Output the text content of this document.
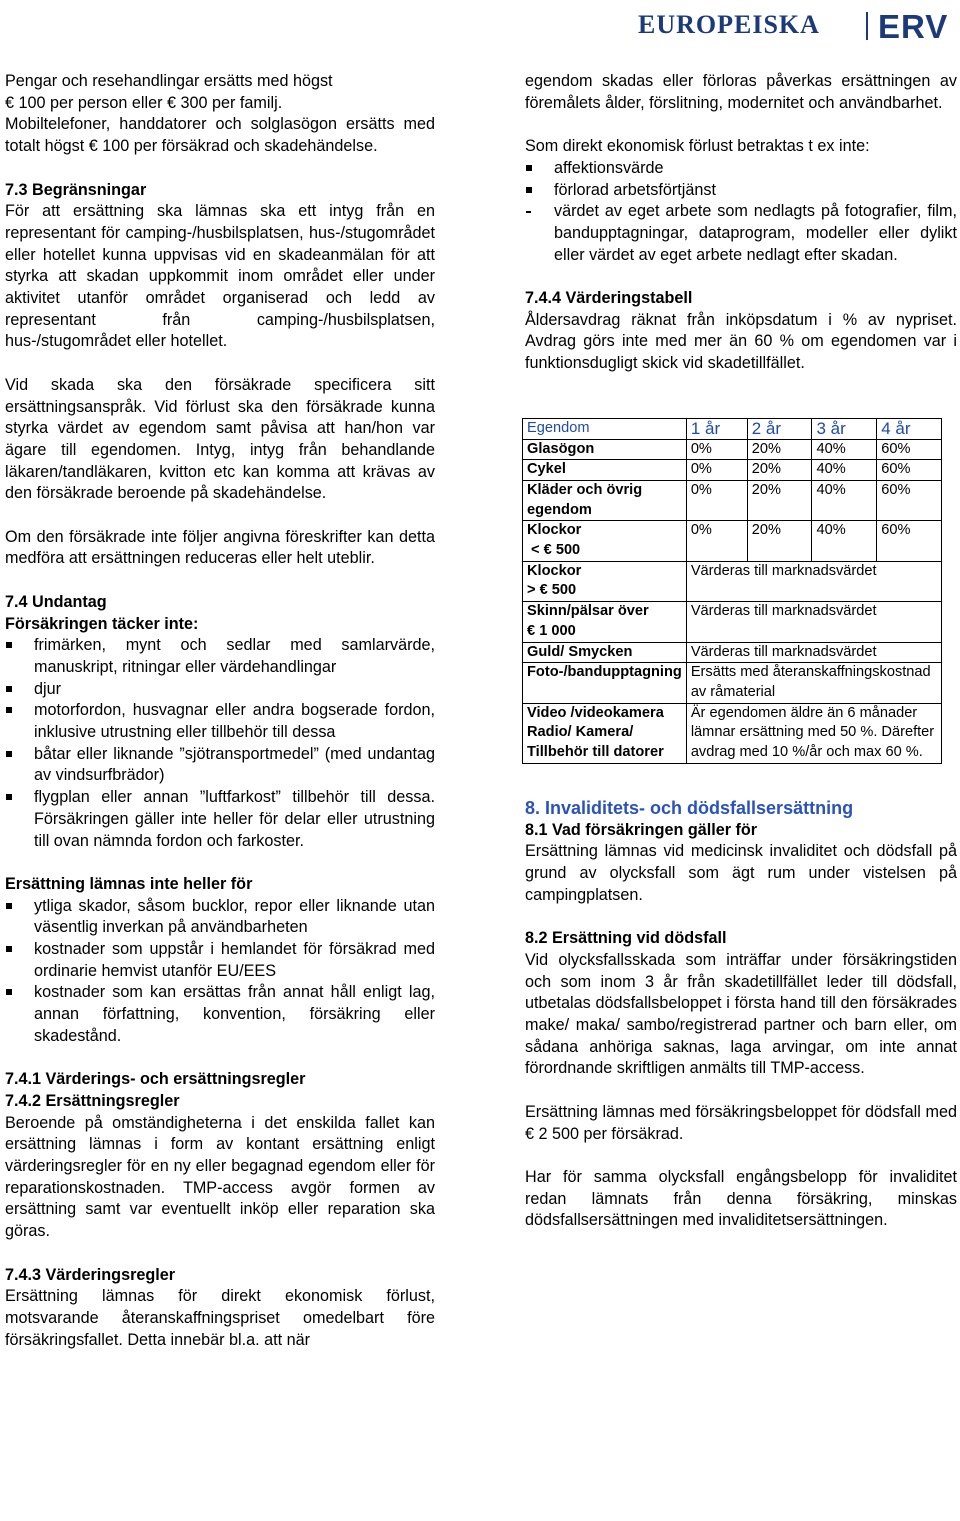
EUROPEISKA ERV

Pengar och resehandlingar ersätts med högst
€ 100 per person eller € 300 per familj.

Mobiltelefoner, handdatorer och solglasögon ersätts med totalt högst € 100 per försäkrad och skadehändelse.

7.3 Begränsningar

För att ersättning ska lämnas ska ett intyg från en representant för camping-/husbilsplatsen, hus-/stugområdet eller hotellet kunna uppvisas vid en skadeanmälan för att styrka att skadan uppkommit inom området eller under aktivitet utanför området organiserad och ledd av representant från camping-/husbilsplatsen, hus-/stugområdet eller hotellet.

Vid skada ska den försäkrade specificera sitt ersättningsanspråk. Vid förlust ska den försäkrade kunna styrka värdet av egendom samt påvisa att han/hon var ägare till egendomen. Intyg, intyg från behandlande läkaren/tandläkaren, kvitton etc kan komma att krävas av den försäkrade beroende på skadehändelse.

Om den försäkrade inte följer angivna föreskrifter kan detta medföra att ersättningen reduceras eller helt uteblir.

7.4 Undantag

Försäkringen täcker inte:

frimärken, mynt och sedlar med samlarvärde, manuskript, ritningar eller värdehandlingar
djur
motorfordon, husvagnar eller andra bogserade fordon, inklusive utrustning eller tillbehör till dessa
båtar eller liknande ”sjötransportmedel” (med undantag av vindsurfbrädor)
flygplan eller annan ”luftfarkost” tillbehör till dessa. Försäkringen gäller inte heller för delar eller utrustning till ovan nämnda fordon och farkoster.

Ersättning lämnas inte heller för

ytliga skador, såsom bucklor, repor eller liknande utan väsentlig inverkan på användbarheten
kostnader som uppstår i hemlandet för försäkrad med ordinarie hemvist utanför EU/EES
kostnader som kan ersättas från annat håll enligt lag, annan författning, konvention, försäkring eller skadestånd.

7.4.1 Värderings- och ersättningsregler

7.4.2 Ersättningsregler

Beroende på omständigheterna i det enskilda fallet kan ersättning lämnas i form av kontant ersättning enligt värderingsregler för en ny eller begagnad egendom eller för reparationskostnaden. TMP-access avgör formen av ersättning samt var eventuellt inköp eller reparation ska göras.

7.4.3 Värderingsregler

Ersättning lämnas för direkt ekonomisk förlust, motsvarande återanskaffningspriset omedelbart före försäkringsfallet. Detta innebär bl.a. att när

egendom skadas eller förloras påverkas ersättningen av föremålets ålder, förslitning, modernitet och användbarhet.

Som direkt ekonomisk förlust betraktas t ex inte:

affektionsvärde
förlorad arbetsförtjänst
värdet av eget arbete som nedlagts på fotografier, film, bandupptagningar, dataprogram, modeller eller dylikt eller värdet av eget arbete nedlagt efter skadan.

7.4.4 Värderingstabell

Åldersavdrag räknat från inköpsdatum i % av nypriset. Avdrag görs inte med mer än 60 % om egendomen var i funktionsdugligt skick vid skadetillfället.

Egendom	1 år	2 år	3 år	4 år
Glasögon	0%	20%	40%	60%
Cykel	0%	20%	40%	60%
Kläder och övrig egendom	0%	20%	40%	60%
Klockor
< € 500	0%	20%	40%	60%
Klockor
> € 500	Värderas till marknadsvärdet			
Skinn/pälsar över
€ 1 000	Värderas till marknadsvärdet			
Guld/ Smycken	Värderas till marknadsvärdet			
Foto-/bandupptagning	Ersätts med återanskaffningskostnad av råmaterial			
Video /videokamera Radio/ Kamera/ Tillbehör till datorer	Är egendomen äldre än 6 månader lämnar ersättning med 50 %. Därefter avdrag med 10 %/år och max 60 %.			
8. Invaliditets- och dödsfallsersättning

8.1 Vad försäkringen gäller för

Ersättning lämnas vid medicinsk invaliditet och dödsfall på grund av olycksfall som ägt rum under vistelsen på campingplatsen.

8.2 Ersättning vid dödsfall

Vid olycksfallsskada som inträffar under försäkringstiden och som inom 3 år från skadetillfället leder till dödsfall, utbetalas dödsfallsbeloppet i första hand till den försäkrades make/ maka/ sambo/registrerad partner och barn eller, om sådana anhöriga saknas, laga arvingar, om inte annat förordnande skriftligen anmälts till TMP-access.

Ersättning lämnas med försäkringsbeloppet för dödsfall med € 2 500 per försäkrad.

Har för samma olycksfall engångsbelopp för invaliditet redan lämnats från denna försäkring, minskas dödsfallsersättningen med invaliditetsersättningen.
